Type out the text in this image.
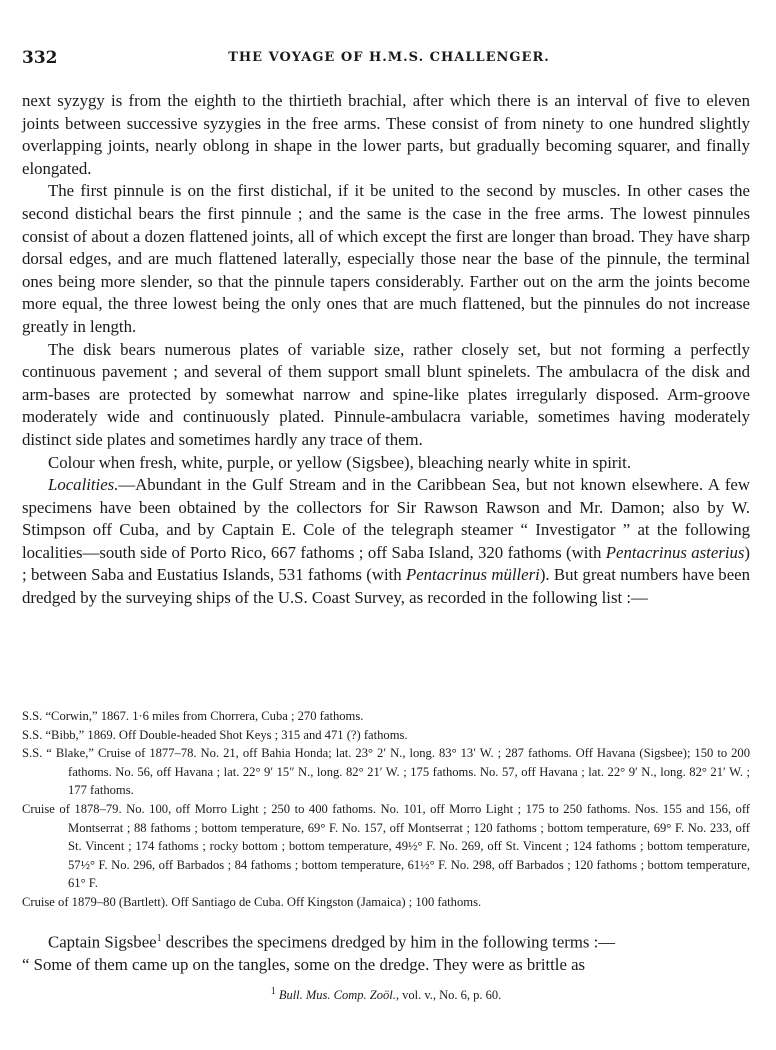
332	THE VOYAGE OF H.M.S. CHALLENGER.

next syzygy is from the eighth to the thirtieth brachial, after which there is an interval of five to eleven joints between successive syzygies in the free arms. These consist of from ninety to one hundred slightly overlapping joints, nearly oblong in shape in the lower parts, but gradually becoming squarer, and finally elongated.

The first pinnule is on the first distichal, if it be united to the second by muscles. In other cases the second distichal bears the first pinnule ; and the same is the case in the free arms. The lowest pinnules consist of about a dozen flattened joints, all of which except the first are longer than broad. They have sharp dorsal edges, and are much flattened laterally, especially those near the base of the pinnule, the terminal ones being more slender, so that the pinnule tapers considerably. Farther out on the arm the joints become more equal, the three lowest being the only ones that are much flattened, but the pinnules do not increase greatly in length.

The disk bears numerous plates of variable size, rather closely set, but not forming a perfectly continuous pavement ; and several of them support small blunt spinelets. The ambulacra of the disk and arm-bases are protected by somewhat narrow and spine-like plates irregularly disposed. Arm-groove moderately wide and continuously plated. Pinnule-ambulacra variable, sometimes having moderately distinct side plates and sometimes hardly any trace of them.

Colour when fresh, white, purple, or yellow (Sigsbee), bleaching nearly white in spirit.

Localities.—Abundant in the Gulf Stream and in the Caribbean Sea, but not known elsewhere. A few specimens have been obtained by the collectors for Sir Rawson Rawson and Mr. Damon; also by W. Stimpson off Cuba, and by Captain E. Cole of the telegraph steamer “ Investigator ” at the following localities—south side of Porto Rico, 667 fathoms ; off Saba Island, 320 fathoms (with Pentacrinus asterius) ; between Saba and Eustatius Islands, 531 fathoms (with Pentacrinus mülleri). But great numbers have been dredged by the surveying ships of the U.S. Coast Survey, as recorded in the following list :—

S.S. “Corwin,” 1867. 1·6 miles from Chorrera, Cuba ; 270 fathoms.

S.S. “Bibb,” 1869. Off Double-headed Shot Keys ; 315 and 471 (?) fathoms.

S.S. “ Blake,” Cruise of 1877–78. No. 21, off Bahia Honda; lat. 23° 2′ N., long. 83° 13′ W. ; 287 fathoms. Off Havana (Sigsbee); 150 to 200 fathoms. No. 56, off Havana ; lat. 22° 9′ 15″ N., long. 82° 21′ W. ; 175 fathoms. No. 57, off Havana ; lat. 22° 9′ N., long. 82° 21′ W. ; 177 fathoms.

Cruise of 1878–79. No. 100, off Morro Light ; 250 to 400 fathoms. No. 101, off Morro Light ; 175 to 250 fathoms. Nos. 155 and 156, off Montserrat ; 88 fathoms ; bottom temperature, 69° F. No. 157, off Montserrat ; 120 fathoms ; bottom temperature, 69° F. No. 233, off St. Vincent ; 174 fathoms ; rocky bottom ; bottom temperature, 49½° F. No. 269, off St. Vincent ; 124 fathoms ; bottom temperature, 57½° F. No. 296, off Barbados ; 84 fathoms ; bottom temperature, 61½° F. No. 298, off Barbados ; 120 fathoms ; bottom temperature, 61° F.

Cruise of 1879–80 (Bartlett). Off Santiago de Cuba. Off Kingston (Jamaica) ; 100 fathoms.

Captain Sigsbee$^1$ describes the specimens dredged by him in the following terms :—

“ Some of them came up on the tangles, some on the dredge. They were as brittle as

$^1$ Bull. Mus. Comp. Zoöl., vol. v., No. 6, p. 60.
